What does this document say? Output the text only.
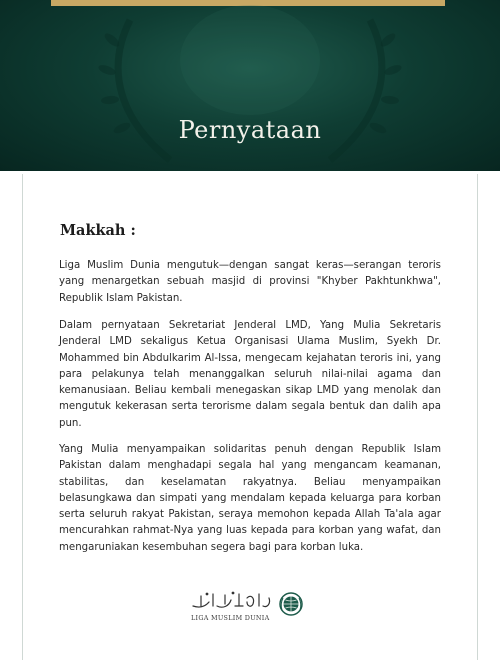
Pernyataan
Makkah :

Liga Muslim Dunia mengutuk—dengan sangat keras—serangan teroris yang menargetkan sebuah masjid di provinsi "Khyber Pakhtunkhwa", Republik Islam Pakistan.

Dalam pernyataan Sekretariat Jenderal LMD, Yang Mulia Sekretaris Jenderal LMD sekaligus Ketua Organisasi Ulama Muslim, Syekh Dr. Mohammed bin Abdulkarim Al-Issa, mengecam kejahatan teroris ini, yang para pelakunya telah menanggalkan seluruh nilai-nilai agama dan kemanusiaan. Beliau kembali menegaskan sikap LMD yang menolak dan mengutuk kekerasan serta terorisme dalam segala bentuk dan dalih apa pun.

Yang Mulia menyampaikan solidaritas penuh dengan Republik Islam Pakistan dalam menghadapi segala hal yang mengancam keamanan, stabilitas, dan keselamatan rakyatnya. Beliau menyampaikan belasungkawa dan simpati yang mendalam kepada keluarga para korban serta seluruh rakyat Pakistan, seraya memohon kepada Allah Ta'ala agar mencurahkan rahmat-Nya yang luas kepada para korban yang wafat, dan mengaruniakan kesembuhan segera bagi para korban luka.

LIGA MUSLIM DUNIA
